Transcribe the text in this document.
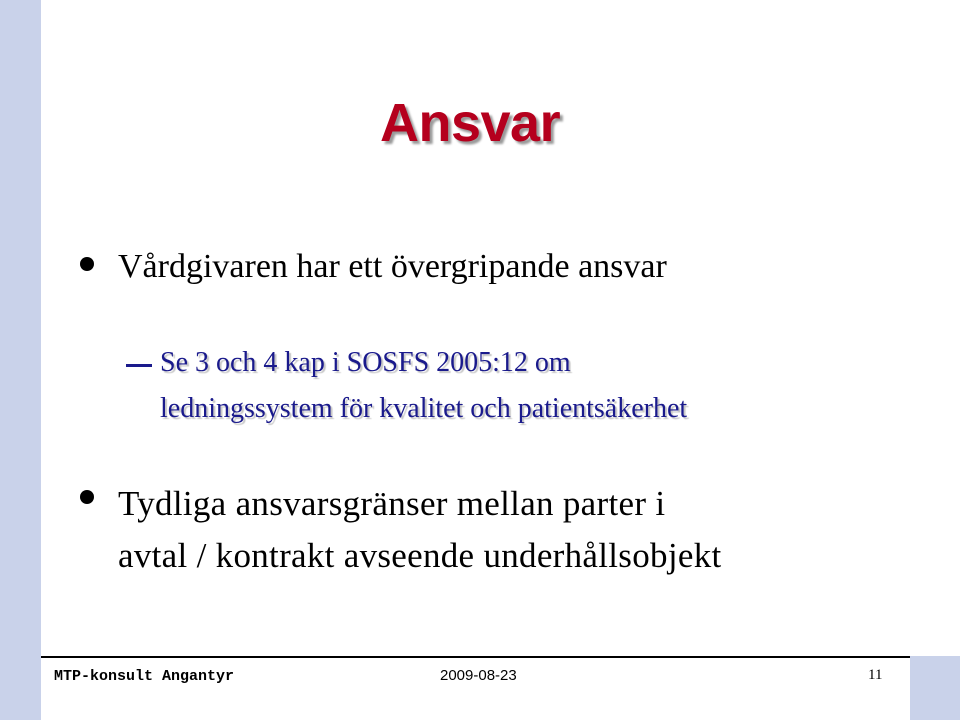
Ansvar
Vårdgivaren har ett övergripande ansvar
Se 3 och 4 kap i SOSFS 2005:12 om
ledningssystem för kvalitet och patientsäkerhet
Tydliga ansvarsgränser mellan parter i
avtal / kontrakt avseende underhållsobjekt
MTP-konsult Angantyr	2009-08-23	11
